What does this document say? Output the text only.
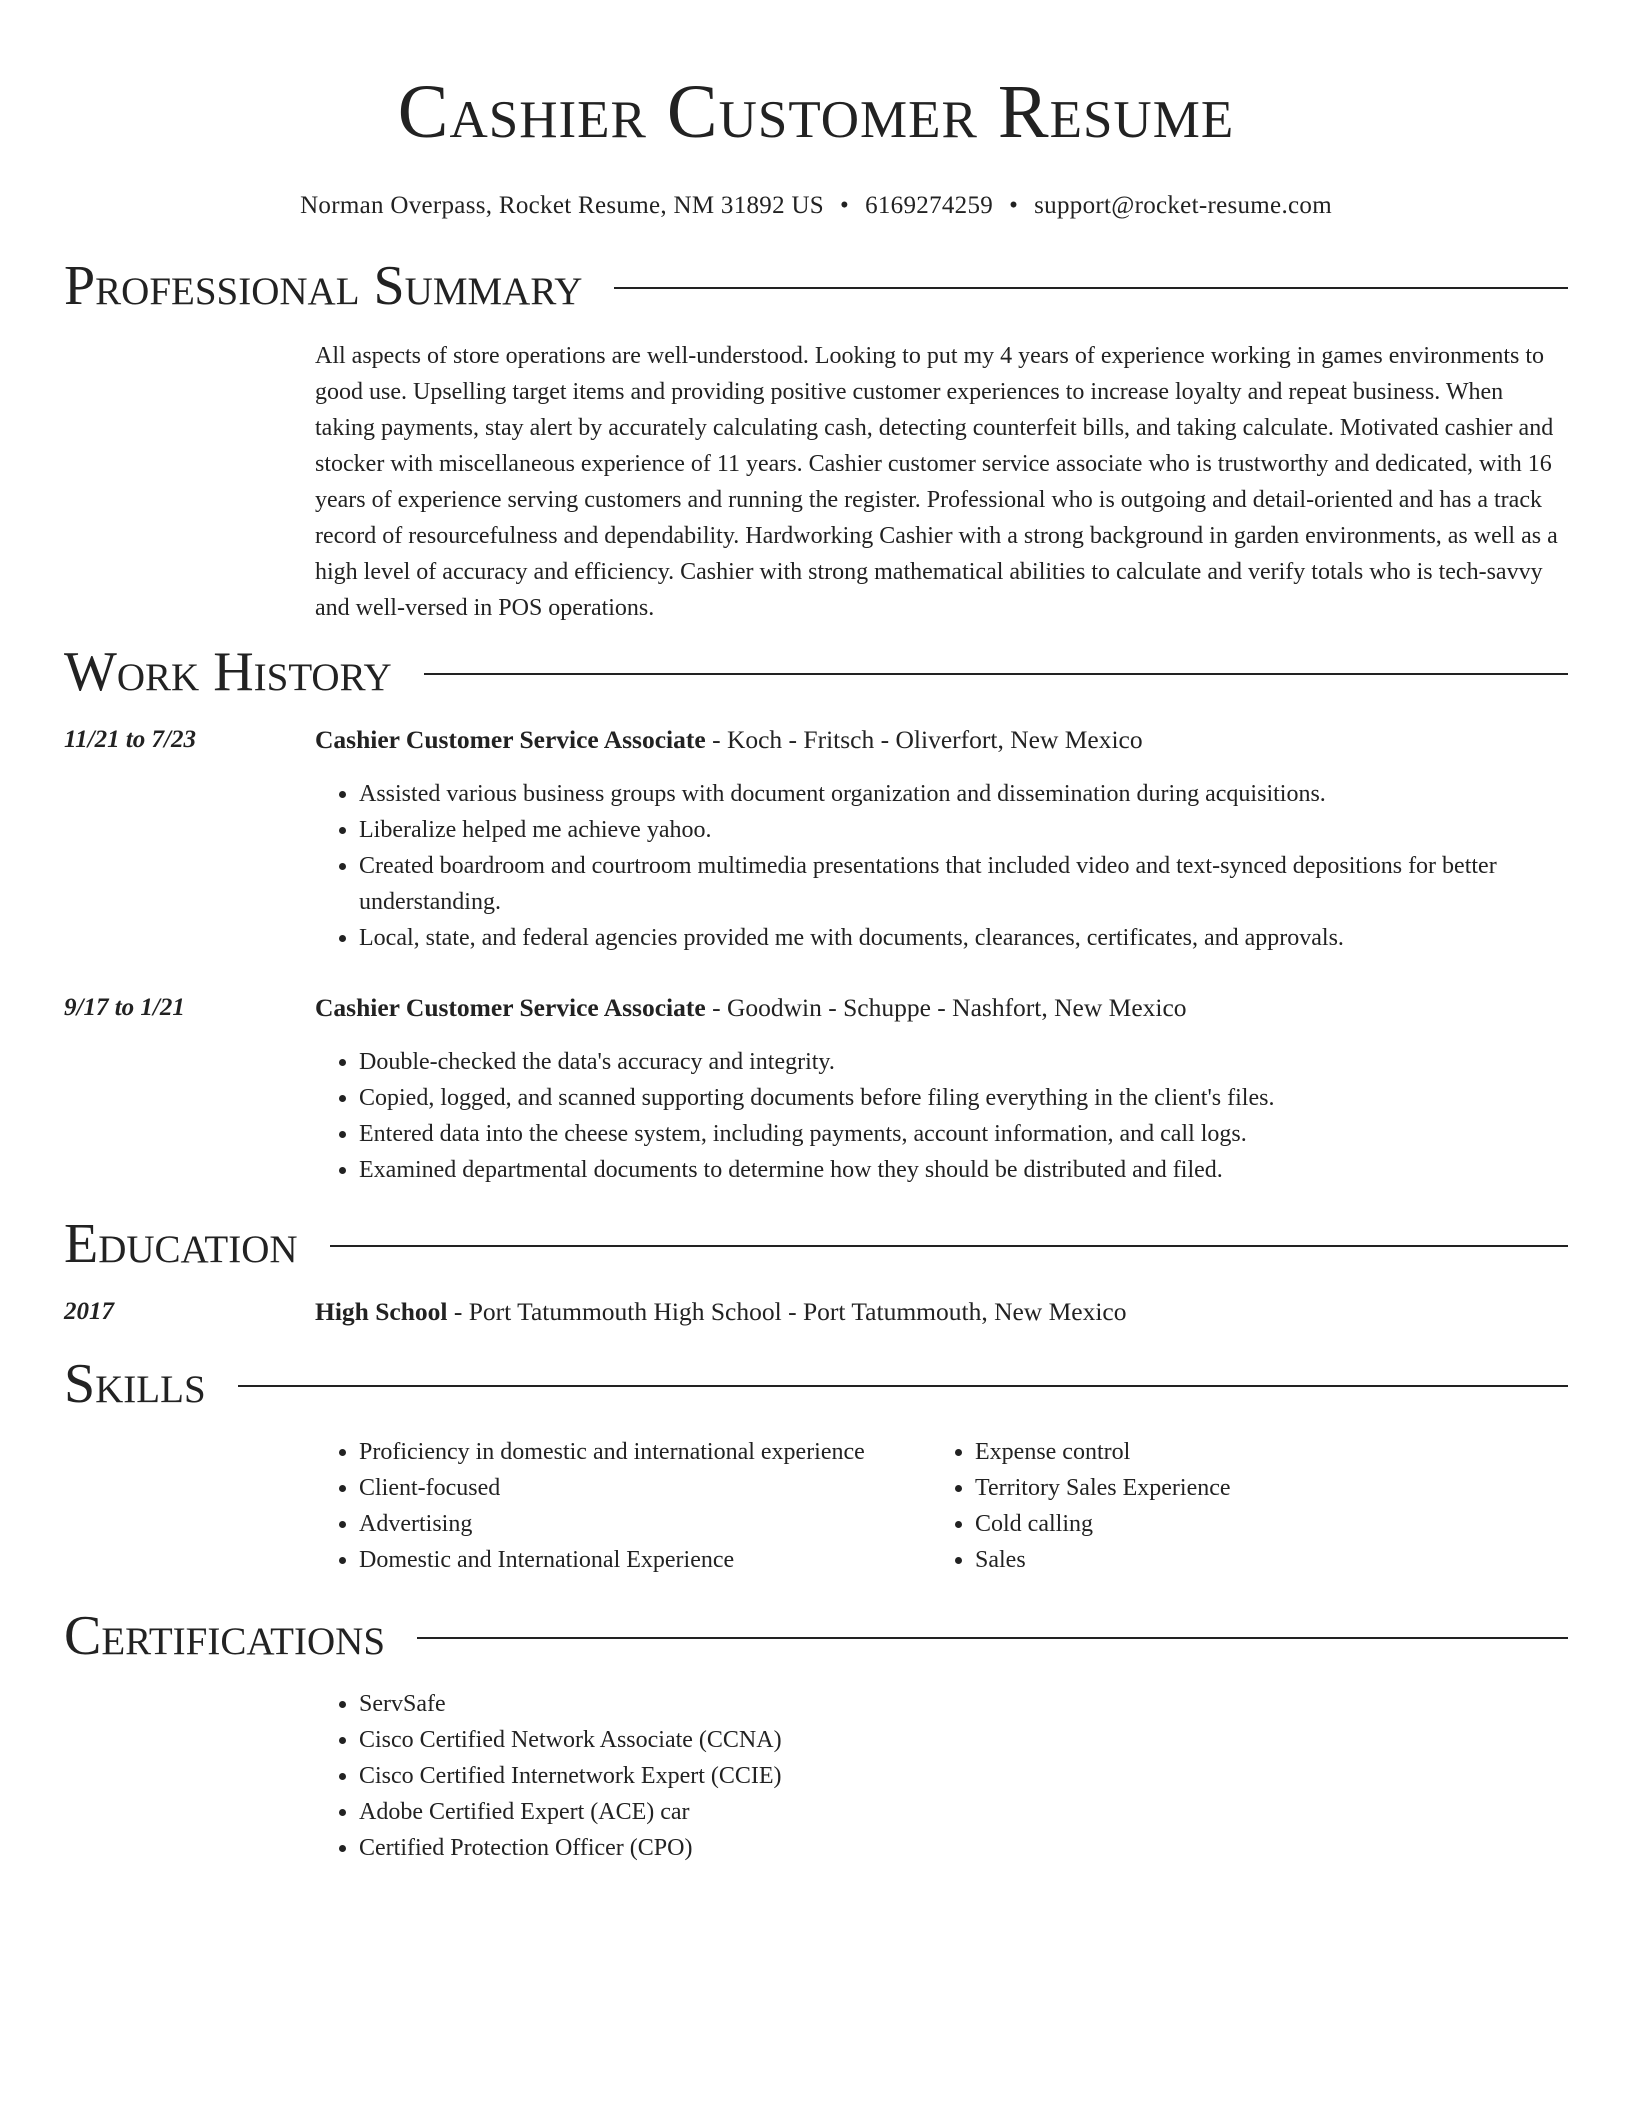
Cashier Customer Resume
Norman Overpass, Rocket Resume, NM 31892 US • 6169274259 • support@rocket-resume.com
Professional Summary

All aspects of store operations are well-understood. Looking to put my 4 years of experience working in games environments to good use. Upselling target items and providing positive customer experiences to increase loyalty and repeat business. When taking payments, stay alert by accurately calculating cash, detecting counterfeit bills, and taking calculate. Motivated cashier and stocker with miscellaneous experience of 11 years. Cashier customer service associate who is trustworthy and dedicated, with 16 years of experience serving customers and running the register. Professional who is outgoing and detail-oriented and has a track record of resourcefulness and dependability. Hardworking Cashier with a strong background in garden environments, as well as a high level of accuracy and efficiency. Cashier with strong mathematical abilities to calculate and verify totals who is tech-savvy and well-versed in POS operations.

Work History
11/21 to 7/23	Cashier Customer Service Associate - Koch - Fritsch - Oliverfort, New Mexico
• Assisted various business groups with document organization and dissemination during acquisitions.
• Liberalize helped me achieve yahoo.
• Created boardroom and courtroom multimedia presentations that included video and text-synced depositions for better understanding.
• Local, state, and federal agencies provided me with documents, clearances, certificates, and approvals.
9/17 to 1/21	Cashier Customer Service Associate - Goodwin - Schuppe - Nashfort, New Mexico
• Double-checked the data's accuracy and integrity.
• Copied, logged, and scanned supporting documents before filing everything in the client's files.
• Entered data into the cheese system, including payments, account information, and call logs.
• Examined departmental documents to determine how they should be distributed and filed.
Education
2017	High School - Port Tatummouth High School - Port Tatummouth, New Mexico
Skills
• Proficiency in domestic and international experience
• Client-focused
• Advertising
• Domestic and International Experience
• Expense control
• Territory Sales Experience
• Cold calling
• Sales
Certifications
• ServSafe
• Cisco Certified Network Associate (CCNA)
• Cisco Certified Internetwork Expert (CCIE)
• Adobe Certified Expert (ACE) car
• Certified Protection Officer (CPO)
